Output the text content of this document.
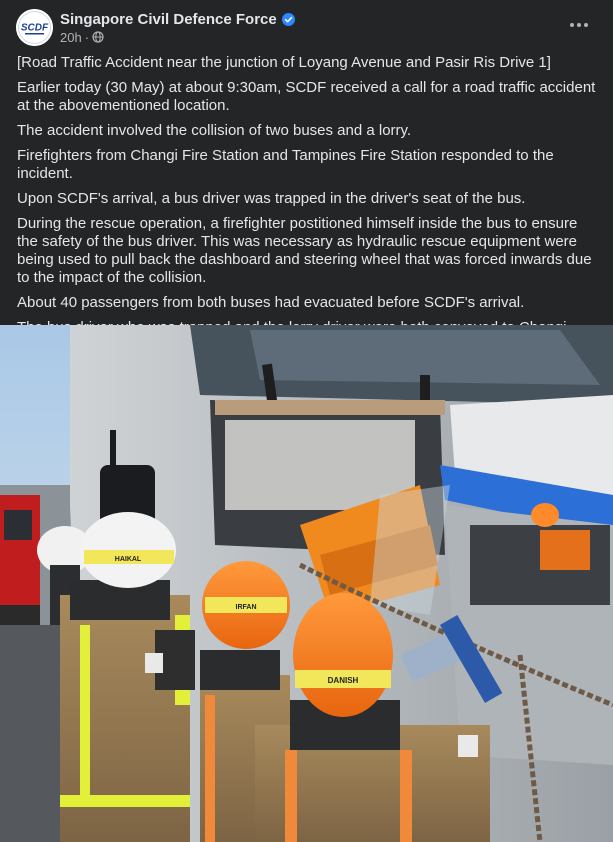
SCDF
Singapore Civil Defence Force
20h ·

[Road Traffic Accident near the junction of Loyang Avenue and Pasir Ris Drive 1]

Earlier today (30 May) at about 9:30am, SCDF received a call for a road traffic accident at the abovementioned location.

The accident involved the collision of two buses and a lorry.

Firefighters from Changi Fire Station and Tampines Fire Station responded to the incident.

Upon SCDF's arrival, a bus driver was trapped in the driver's seat of the bus.

During the rescue operation, a firefighter postitioned himself inside the bus to ensure the safety of the bus driver. This was necessary as hydraulic rescue equipment were being used to pull back the dashboard and steering wheel that was forced inwards due to the impact of the collision.

About 40 passengers from both buses had evacuated before SCDF's arrival.

HAIKAL
IRFAN
DANISH
